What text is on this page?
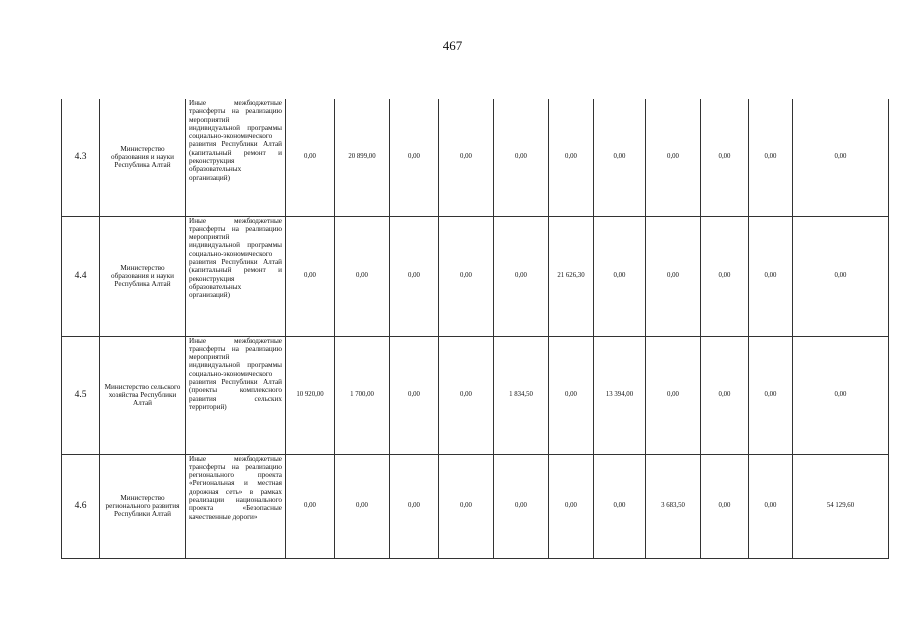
467
4.3	Министерство образования и науки Республика Алтай	Иные межбюджетные трансферты на реализацию мероприятий индивидуальной программы социально-экономического развития Республики Алтай (капитальный ремонт и реконструкция образовательных организаций)	0,00	20 899,00	0,00	0,00	0,00	0,00	0,00	0,00	0,00	0,00	0,00
4.4	Министерство образования и науки Республика Алтай	Иные межбюджетные трансферты на реализацию мероприятий индивидуальной программы социально-экономического развития Республики Алтай (капитальный ремонт и реконструкция образовательных организаций)	0,00	0,00	0,00	0,00	0,00	21 626,30	0,00	0,00	0,00	0,00	0,00
4.5	Министерство сельского хозяйства Республики Алтай	Иные межбюджетные трансферты на реализацию мероприятий индивидуальной программы социально-экономического развития Республики Алтай (проекты комплексного развития сельских территорий)	10 920,00	1 700,00	0,00	0,00	1 834,50	0,00	13 394,00	0,00	0,00	0,00	0,00
4.6	Министерство регионального развития Республики Алтай	Иные межбюджетные трансферты на реализацию регионального проекта «Региональная и местная дорожная сеть» в рамках реализации национального проекта «Безопасные качественные дороги»	0,00	0,00	0,00	0,00	0,00	0,00	0,00	3 683,50	0,00	0,00	54 129,60
